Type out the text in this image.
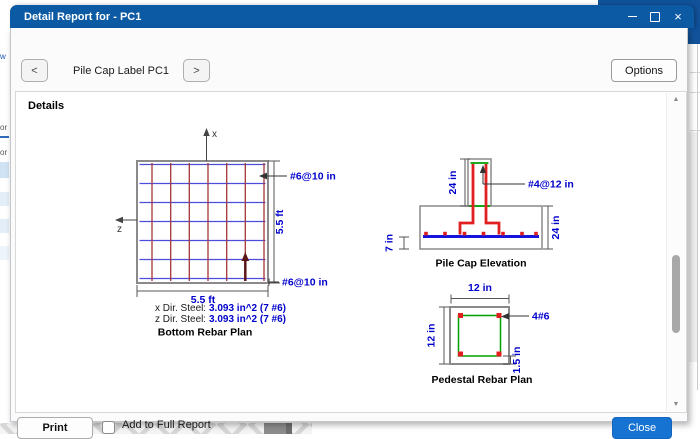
w
or
or
Detail Report for - PC1	×
<	Pile Cap Label PC1	>	Options
Details
x
z	5.5 ft
#6@10 in
#6@10 in
5.5 ft
x Dir. Steel : 3.093 in^2 (7 #6)
z Dir. Steel : 3.093 in^2 (7 #6)
Bottom Rebar Plan
24 in	#4@12 in
24 in
7 in
Pile Cap Elevation
12 in
4#6
12 in
1.5 in
Pedestal Rebar Plan
▲
▼
Print	Add to Full Report	Close
